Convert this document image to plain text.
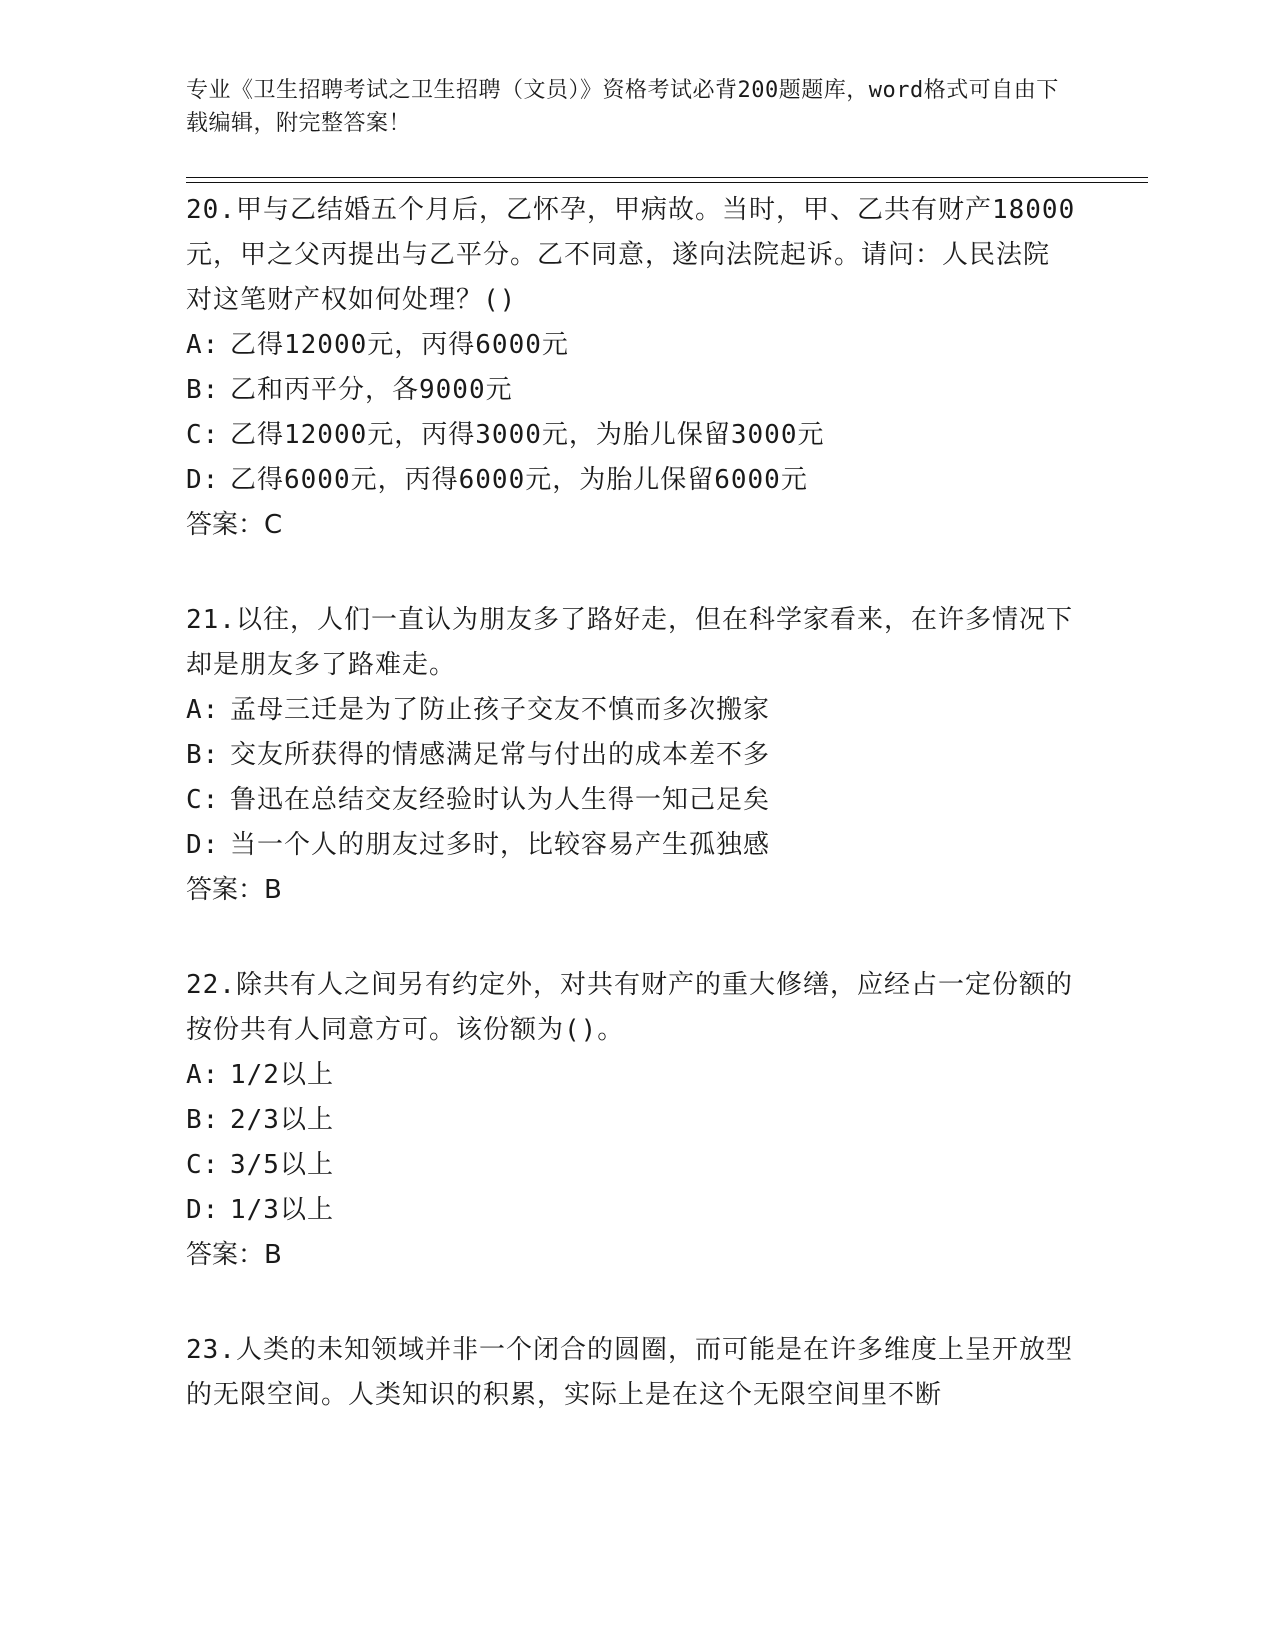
专业《卫生招聘考试之卫生招聘（文员）》资格考试必背200题题库，word格式可自由下载编辑，附完整答案！

20.甲与乙结婚五个月后，乙怀孕，甲病故。当时，甲、乙共有财产18000元，甲之父丙提出与乙平分。乙不同意，遂向法院起诉。请问：人民法院对这笔财产权如何处理？()

A: 乙得12000元，丙得6000元

B: 乙和丙平分，各9000元

C: 乙得12000元，丙得3000元，为胎儿保留3000元

D: 乙得6000元，丙得6000元，为胎儿保留6000元

答案：C

21.以往，人们一直认为朋友多了路好走，但在科学家看来，在许多情况下却是朋友多了路难走。

A: 孟母三迁是为了防止孩子交友不慎而多次搬家

B: 交友所获得的情感满足常与付出的成本差不多

C: 鲁迅在总结交友经验时认为人生得一知己足矣

D: 当一个人的朋友过多时，比较容易产生孤独感

答案：B

22.除共有人之间另有约定外，对共有财产的重大修缮，应经占一定份额的按份共有人同意方可。该份额为()。

A: 1/2以上

B: 2/3以上

C: 3/5以上

D: 1/3以上

答案：B

23.人类的未知领域并非一个闭合的圆圈，而可能是在许多维度上呈开放型的无限空间。人类知识的积累，实际上是在这个无限空间里不断
